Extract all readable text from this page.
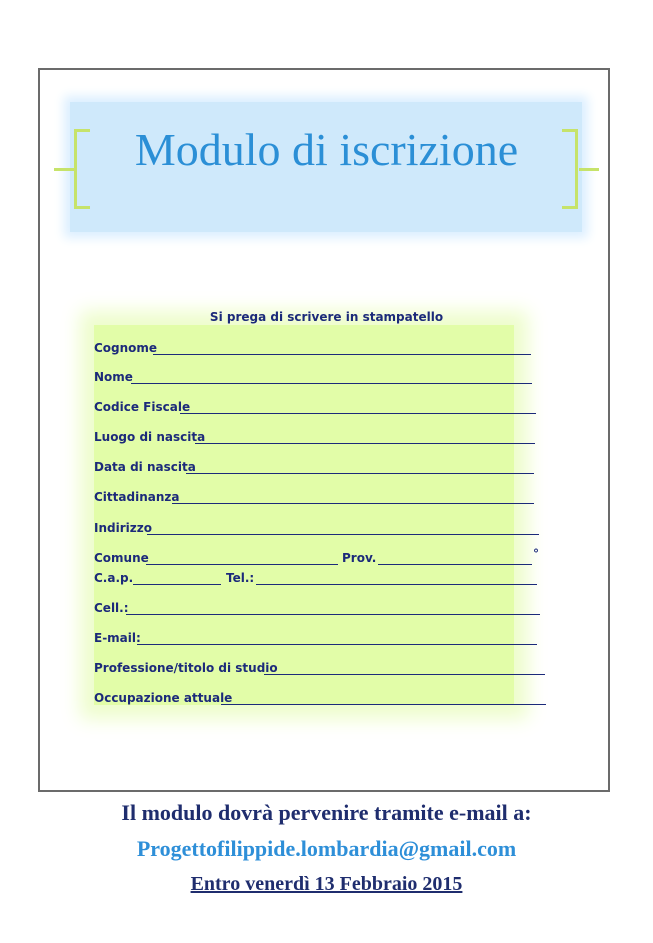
Modulo di iscrizione
Si prega di scrivere in stampatello
Cognome
Nome
Codice Fiscale
Luogo di nascita
Data di nascita
Cittadinanza
Indirizzo
Comune	Prov.	°
C.a.p.	Tel.:
Cell.:
E-mail:
Professione/titolo di studio
Occupazione attuale
Il modulo dovrà pervenire tramite e-mail a:
Progettofilippide.lombardia@gmail.com
Entro venerdì 13 Febbraio 2015
